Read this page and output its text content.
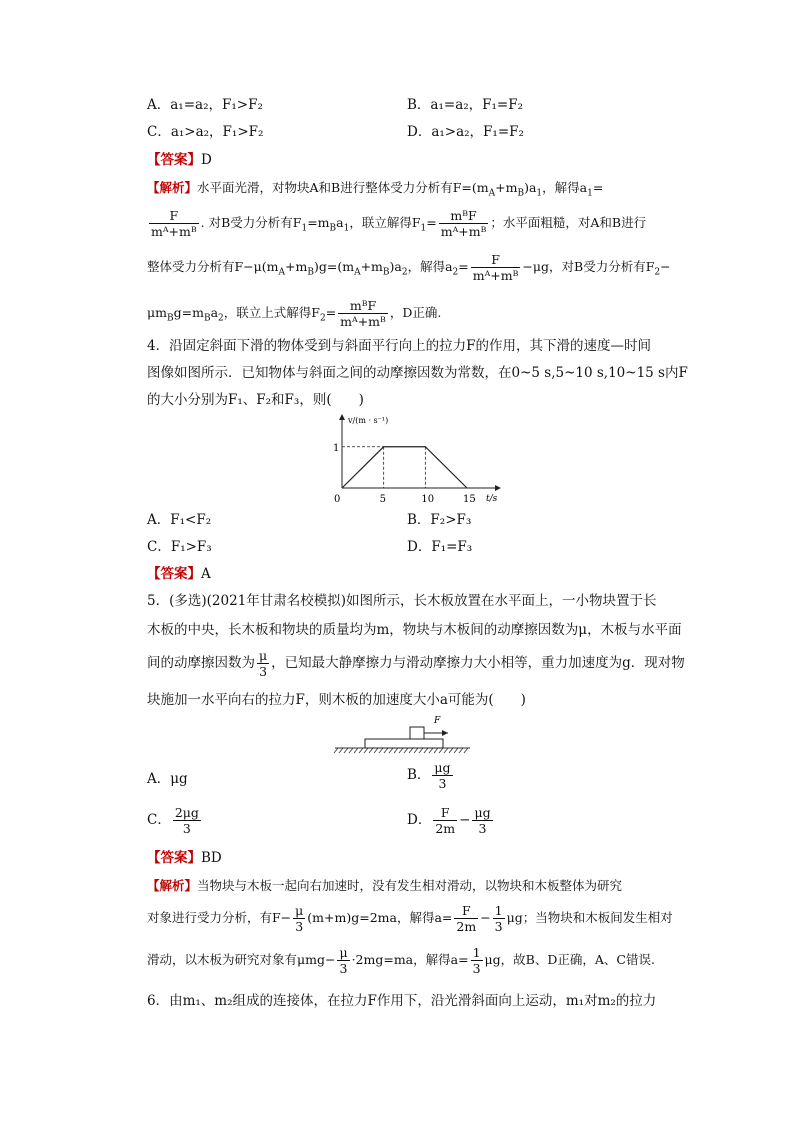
A．a₁=a₂，F₁>F₂	B．a₁=a₂，F₁=F₂
C．a₁>a₂，F₁>F₂	D．a₁>a₂，F₁=F₂
【答案】D
【解析】水平面光滑，对物块A和B进行整体受力分析有$F=(m_A+m_B)a_1$，解得$a_1=$
$\frac{F}{\text{mᴬ+mᴮ}}$ . 对B受力分析有$F_1=m_Ba_1$，联立解得$F_1= \frac{\text{mᴮF}}{\text{mᴬ+mᴮ}}$ ；水平面粗糙，对A和B进行
整体受力分析有$F-\mu(m_A+m_B)g=(m_A+m_B)a_2$，解得$a_2= \frac{F}{\text{mᴬ+mᴮ}} -\mu g$，对B受力分析有$F_2-$
$\mu m_Bg=m_Ba_2$，联立上式解得$F_2= \frac{\text{mᴮF}}{\text{mᴬ+mᴮ}}$ ，D正确.
4．沿固定斜面下滑的物体受到与斜面平行向上的拉力F的作用，其下滑的速度—时间
图像如图所示．已知物体与斜面之间的动摩擦因数为常数，在0~5 s,5~10 s,10~15 s内F
的大小分别为F₁、F₂和F₃，则(　　)
v/(m · s⁻¹)
t/s
0	5	10	15
1
A．F₁<F₂	B．F₂>F₃
C．F₁>F₃	D．F₁=F₃
【答案】A
5．(多选)(2021年甘肃名校模拟)如图所示，长木板放置在水平面上，一小物块置于长
木板的中央，长木板和物块的质量均为m，物块与木板间的动摩擦因数为μ，木板与水平面
间的动摩擦因数为 $\frac{\mu}{3}$ ，已知最大静摩擦力与滑动摩擦力大小相等，重力加速度为g．现对物
块施加一水平向右的拉力F，则木板的加速度大小a可能为(　　)
F
A．μg	B． $\frac{\mu g}{3}$
C． $\frac{2\mu g}{3}$	D． $\frac{F}{2m} - \frac{\mu g}{3}$
【答案】BD
【解析】当物块与木板一起向右加速时，没有发生相对滑动，以物块和木板整体为研究
对象进行受力分析，有$F- \frac{\mu}{3} (m+m)g=2ma$，解得$a= \frac{F}{2m} - \frac{1}{3}$ μg；当物块和木板间发生相对
滑动，以木板为研究对象有$\mu mg- \frac{\mu}{3} \cdot 2mg=ma$，解得$a= \frac{1}{3}$ μg，故B、D正确，A、C错误.
6．由m₁、m₂组成的连接体，在拉力F作用下，沿光滑斜面向上运动，m₁对m₂的拉力
